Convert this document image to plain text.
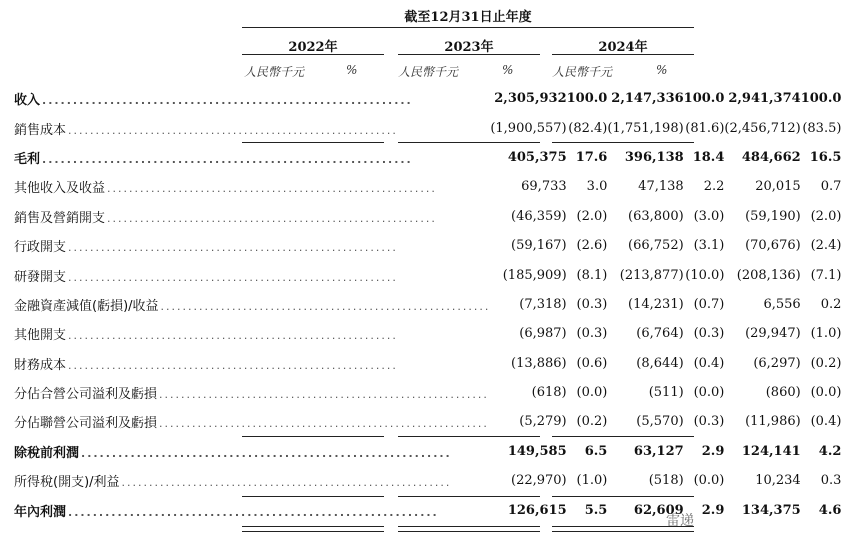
截至12月31日止年度
2022年	2023年	2024年
人民幣千元	%	人民幣千元	%	人民幣千元	%
收入 ............................................................	2,305,932	100.0		2,147,336	100.0		2,941,374	100.0

銷售成本 ............................................................	(1,900,557)	(82.4)		(1,751,198)	(81.6)		(2,456,712)	(83.5)

毛利 ............................................................	405,375	17.6		396,138	18.4		484,662	16.5

其他收入及收益 ............................................................	69,733	3.0		47,138	2.2		20,015	0.7

銷售及營銷開支 ............................................................	(46,359)	(2.0)		(63,800)	(3.0)		(59,190)	(2.0)

行政開支 ............................................................	(59,167)	(2.6)		(66,752)	(3.1)		(70,676)	(2.4)

研發開支 ............................................................	(185,909)	(8.1)		(213,877)	(10.0)		(208,136)	(7.1)

金融資產減值(虧損)/收益 ............................................................	(7,318)	(0.3)		(14,231)	(0.7)		6,556	0.2

其他開支 ............................................................	(6,987)	(0.3)		(6,764)	(0.3)		(29,947)	(1.0)

財務成本 ............................................................	(13,886)	(0.6)		(8,644)	(0.4)		(6,297)	(0.2)

分佔合營公司溢利及虧損 ............................................................	(618)	(0.0)		(511)	(0.0)		(860)	(0.0)

分佔聯營公司溢利及虧損 ............................................................	(5,279)	(0.2)		(5,570)	(0.3)		(11,986)	(0.4)

除稅前利潤 ............................................................	149,585	6.5		63,127	2.9		124,141	4.2

所得稅(開支)/利益 ............................................................	(22,970)	(1.0)		(518)	(0.0)		10,234	0.3

年內利潤 ............................................................	126,615	5.5		62,609	2.9		134,375	4.6
雷递
